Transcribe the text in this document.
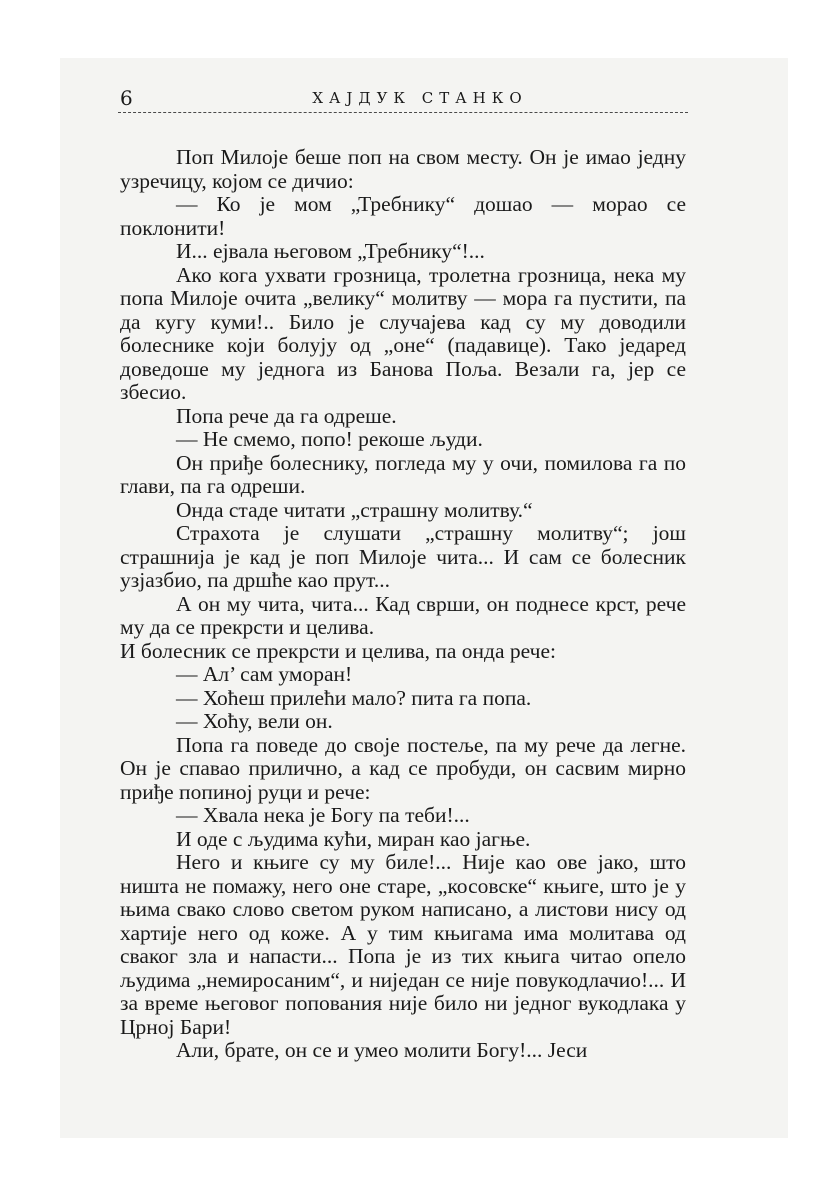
6	ХАЈДУК СТАНКО

Поп Милоје беше поп на свом месту. Он је имао једну узречицу, којом се дичио:

— Ко је мом „Требнику“ дошао — морао се поклонити!

И... ејвала његовом „Требнику“!...

Ако кога ухвати грозница, тролетна грозница, нека му попа Милоје очита „велику“ молитву — мора га пустити, па да кугу куми!.. Било је случајева кад су му доводили болеснике који болују од „оне“ (падавице). Тако једаред доведоше му једнога из Банова Поља. Везали га, јер се збесио.

Попа рече да га одреше.

— Не смемо, попо! рекоше људи.

Он приђе болеснику, погледа му у очи, помилова га по глави, па га одреши.

Онда стаде читати „страшну молитву.“

Страхота је слушати „страшну молитву“; још страшнија је кад је поп Милоје чита... И сам се болесник узјазбио, па дршће као прут...

А он му чита, чита... Кад сврши, он поднесе крст, рече му да се прекрсти и целива.

И болесник се прекрсти и целива, па онда рече:

— Ал’ сам уморан!

— Хоћеш прилећи мало? пита га попа.

— Хоћу, вели он.

Попа га поведе до своје постеље, па му рече да легне. Он је спавао прилично, а кад се пробуди, он сасвим мирно приђе попиној руци и рече:

— Хвала нека је Богу па теби!...

И оде с људима кући, миран као јагње.

Него и књиге су му биле!... Није као ове јако, што ништа не помажу, него оне старе, „косовске“ књиге, што је у њима свако слово светом руком написано, а листови нису од хартије него од коже. А у тим књигама има молитава од сваког зла и напасти... Попа је из тих књига читао опело људима „немиросаним“, и ниједан се није повукодлачио!... И за време његовог попования није било ни једног вукодлака у Црној Бари!

Али, брате, он се и умео молити Богу!... Јеси
